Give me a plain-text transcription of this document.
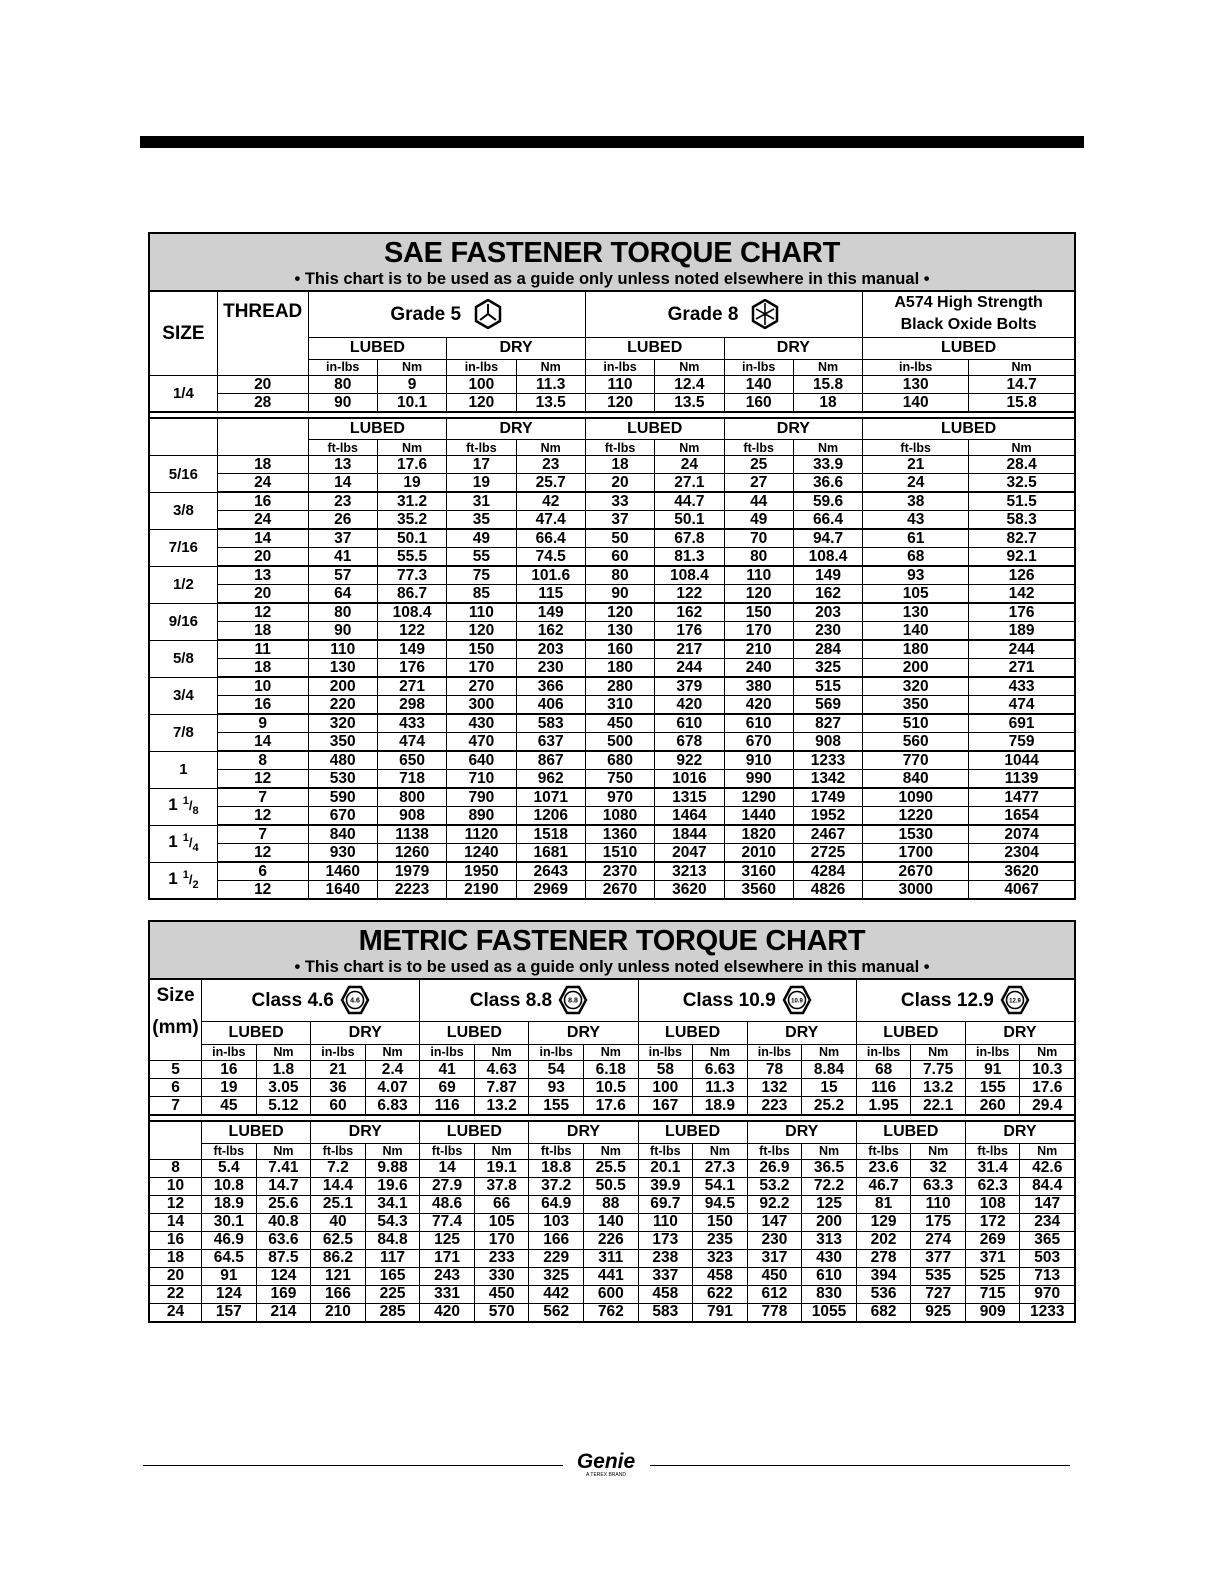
SAE FASTENER TORQUE CHART											
• This chart is to be used as a guide only unless noted elsewhere in this manual •											
SIZE	THREAD	Grade 5				Grade 8				A574 High Strength
Black Oxide Bolts	
		LUBED		DRY		LUBED		DRY		LUBED	
		in-lbs	Nm	in-lbs	Nm	in-lbs	Nm	in-lbs	Nm	in-lbs	Nm
1/4	20	80	9	100	11.3	110	12.4	140	15.8	130	14.7
	28	90	10.1	120	13.5	120	13.5	160	18	140	15.8

		LUBED		DRY		LUBED		DRY		LUBED	
		ft-lbs	Nm	ft-lbs	Nm	ft-lbs	Nm	ft-lbs	Nm	ft-lbs	Nm
5/16	18	13	17.6	17	23	18	24	25	33.9	21	28.4
	24	14	19	19	25.7	20	27.1	27	36.6	24	32.5
3/8	16	23	31.2	31	42	33	44.7	44	59.6	38	51.5
	24	26	35.2	35	47.4	37	50.1	49	66.4	43	58.3
7/16	14	37	50.1	49	66.4	50	67.8	70	94.7	61	82.7
	20	41	55.5	55	74.5	60	81.3	80	108.4	68	92.1
1/2	13	57	77.3	75	101.6	80	108.4	110	149	93	126
	20	64	86.7	85	115	90	122	120	162	105	142
9/16	12	80	108.4	110	149	120	162	150	203	130	176
	18	90	122	120	162	130	176	170	230	140	189
5/8	11	110	149	150	203	160	217	210	284	180	244
	18	130	176	170	230	180	244	240	325	200	271
3/4	10	200	271	270	366	280	379	380	515	320	433
	16	220	298	300	406	310	420	420	569	350	474
7/8	9	320	433	430	583	450	610	610	827	510	691
	14	350	474	470	637	500	678	670	908	560	759
1	8	480	650	640	867	680	922	910	1233	770	1044
	12	530	718	710	962	750	1016	990	1342	840	1139
1 $^1/_8$	7	590	800	790	1071	970	1315	1290	1749	1090	1477
	12	670	908	890	1206	1080	1464	1440	1952	1220	1654
1 $^1/_4$	7	840	1138	1120	1518	1360	1844	1820	2467	1530	2074
	12	930	1260	1240	1681	1510	2047	2010	2725	1700	2304
1 $^1/_2$	6	1460	1979	1950	2643	2370	3213	3160	4284	2670	3620
	12	1640	2223	2190	2969	2670	3620	3560	4826	3000	4067
METRIC FASTENER TORQUE CHART																
• This chart is to be used as a guide only unless noted elsewhere in this manual •																
Size
(mm)	Class 4.6 4.6				Class 8.8 8.8				Class 10.9 10.9				Class 12.9 12.9			

	LUBED		DRY		LUBED		DRY		LUBED		DRY		LUBED		DRY	
	in-lbs	Nm	in-lbs	Nm	in-lbs	Nm	in-lbs	Nm	in-lbs	Nm	in-lbs	Nm	in-lbs	Nm	in-lbs	Nm
5	16	1.8	21	2.4	41	4.63	54	6.18	58	6.63	78	8.84	68	7.75	91	10.3
6	19	3.05	36	4.07	69	7.87	93	10.5	100	11.3	132	15	116	13.2	155	17.6
7	45	5.12	60	6.83	116	13.2	155	17.6	167	18.9	223	25.2	1.95	22.1	260	29.4

	LUBED		DRY		LUBED		DRY		LUBED		DRY		LUBED		DRY	
	ft-lbs	Nm	ft-lbs	Nm	ft-lbs	Nm	ft-lbs	Nm	ft-lbs	Nm	ft-lbs	Nm	ft-lbs	Nm	ft-lbs	Nm
8	5.4	7.41	7.2	9.88	14	19.1	18.8	25.5	20.1	27.3	26.9	36.5	23.6	32	31.4	42.6
10	10.8	14.7	14.4	19.6	27.9	37.8	37.2	50.5	39.9	54.1	53.2	72.2	46.7	63.3	62.3	84.4
12	18.9	25.6	25.1	34.1	48.6	66	64.9	88	69.7	94.5	92.2	125	81	110	108	147
14	30.1	40.8	40	54.3	77.4	105	103	140	110	150	147	200	129	175	172	234
16	46.9	63.6	62.5	84.8	125	170	166	226	173	235	230	313	202	274	269	365
18	64.5	87.5	86.2	117	171	233	229	311	238	323	317	430	278	377	371	503
20	91	124	121	165	243	330	325	441	337	458	450	610	394	535	525	713
22	124	169	166	225	331	450	442	600	458	622	612	830	536	727	715	970
24	157	214	210	285	420	570	562	762	583	791	778	1055	682	925	909	1233
Genie
A TEREX BRAND
